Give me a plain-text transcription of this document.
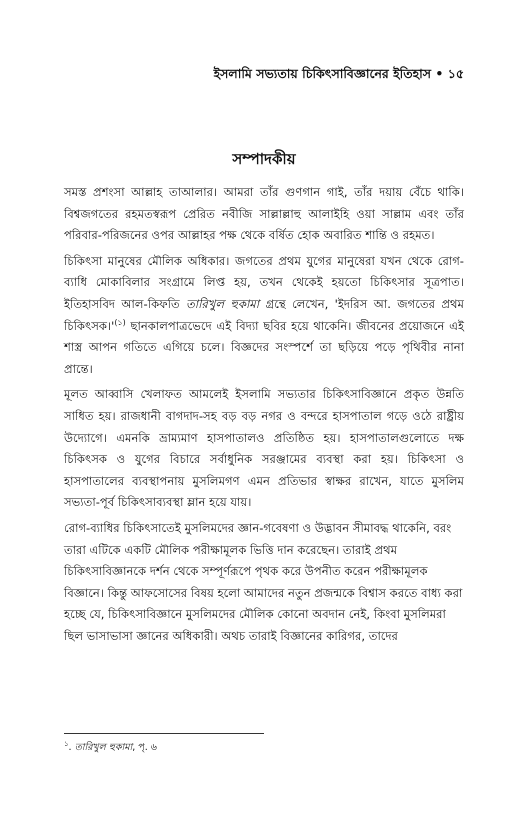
ইসলামি সভ্যতায় চিকিৎসাবিজ্ঞানের ইতিহাস • ১৫
সম্পাদকীয়

সমস্ত প্রশংসা আল্লাহ তাআলার। আমরা তাঁর গুণগান গাই, তাঁর দয়ায় বেঁচে থাকি। বিশ্বজগতের রহমতস্বরূপ প্রেরিত নবীজি সাল্লাল্লাহু আলাইহি ওয়া সাল্লাম এবং তাঁর পরিবার-পরিজনের ওপর আল্লাহর পক্ষ থেকে বর্ষিত হোক অবারিত শান্তি ও রহমত।

চিকিৎসা মানুষের মৌলিক অধিকার। জগতের প্রথম যুগের মানুষেরা যখন থেকে রোগ-ব্যাধি মোকাবিলার সংগ্রামে লিপ্ত হয়, তখন থেকেই হয়তো চিকিৎসার সূত্রপাত। ইতিহাসবিদ আল-কিফতি তারিখুল হুকামা গ্রন্থে লেখেন, 'ইদরিস আ. জগতের প্রথম চিকিৎসক।'$^{(১)}$ ছানকালপাত্রভেদে এই বিদ্যা ছবির হয়ে থাকেনি। জীবনের প্রয়োজনে এই শাস্ত্র আপন গতিতে এগিয়ে চলে। বিজ্ঞদের সংস্পর্শে তা ছড়িয়ে পড়ে পৃথিবীর নানা প্রান্তে।

মূলত আব্বাসি খেলাফত আমলেই ইসলামি সভ্যতার চিকিৎসাবিজ্ঞানে প্রকৃত উন্নতি সাধিত হয়। রাজধানী বাগদাদ-সহ বড় বড় নগর ও বন্দরে হাসপাতাল গড়ে ওঠে রাষ্ট্রীয় উদ্যোগে। এমনকি ভ্রাম্যমাণ হাসপাতালও প্রতিষ্ঠিত হয়। হাসপাতালগুলোতে দক্ষ চিকিৎসক ও যুগের বিচারে সর্বাধুনিক সরঞ্জামের ব্যবস্থা করা হয়। চিকিৎসা ও হাসপাতালের ব্যবস্থাপনায় মুসলিমগণ এমন প্রতিভার স্বাক্ষর রাখেন, যাতে মুসলিম সভ্যতা-পূর্ব চিকিৎসাব্যবস্থা ম্লান হয়ে যায়।

রোগ-ব্যাধির চিকিৎসাতেই মুসলিমদের জ্ঞান-গবেষণা ও উদ্ভাবন সীমাবদ্ধ থাকেনি, বরং তারা এটিকে একটি মৌলিক পরীক্ষামূলক ভিত্তি দান করেছেন। তারাই প্রথম চিকিৎসাবিজ্ঞানকে দর্শন থেকে সম্পূর্ণরূপে পৃথক করে উপনীত করেন পরীক্ষামূলক বিজ্ঞানে। কিন্তু আফসোসের বিষয় হলো আমাদের নতুন প্রজন্মকে বিশ্বাস করতে বাধ্য করা হচ্ছে যে, চিকিৎসাবিজ্ঞানে মুসলিমদের মৌলিক কোনো অবদান নেই, কিংবা মুসলিমরা ছিল ভাসাভাসা জ্ঞানের অধিকারী। অথচ তারাই বিজ্ঞানের কারিগর, তাদের

$^১$. তারিখুল হুকামা, পৃ. ৬
